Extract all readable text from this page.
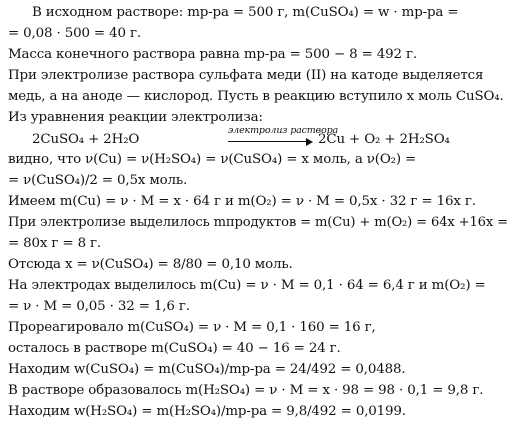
В исходном растворе: mр-ра = 500 г, m(CuSO₄) = w · mр-ра =
= 0,08 · 500 = 40 г.
Масса конечного раствора равна mр-ра = 500 − 8 = 492 г.
При электролизе раствора сульфата меди (II) на катоде выделяется
медь, а на аноде — кислород. Пусть в реакцию вступило x моль CuSO₄.
Из уравнения реакции электролиза:
2CuSO₄ + 2H₂O
электролиз раствора
2Cu + O₂ + 2H₂SO₄
видно, что ν(Cu) = ν(H₂SO₄) = ν(CuSO₄) = x моль, а ν(O₂) =
= ν(CuSO₄)/2 = 0,5x моль.
Имеем m(Cu) = ν · M = x · 64 г и m(O₂) = ν · M = 0,5x · 32 г = 16x г.
При электролизе выделилось mпродуктов = m(Cu) + m(O₂) = 64x +16x =
= 80x г = 8 г.
Отсюда x = ν(CuSO₄) = 8/80 = 0,10 моль.
На электродах выделилось m(Cu) = ν · M = 0,1 · 64 = 6,4 г и m(O₂) =
= ν · M = 0,05 · 32 = 1,6 г.
Прореагировало m(CuSO₄) = ν · M = 0,1 · 160 = 16 г,
осталось в растворе m(CuSO₄) = 40 − 16 = 24 г.
Находим w(CuSO₄) = m(CuSO₄)/mр-ра = 24/492 = 0,0488.
В растворе образовалось m(H₂SO₄) = ν · M = x · 98 = 98 · 0,1 = 9,8 г.
Находим w(H₂SO₄) = m(H₂SO₄)/mр-ра = 9,8/492 = 0,0199.
